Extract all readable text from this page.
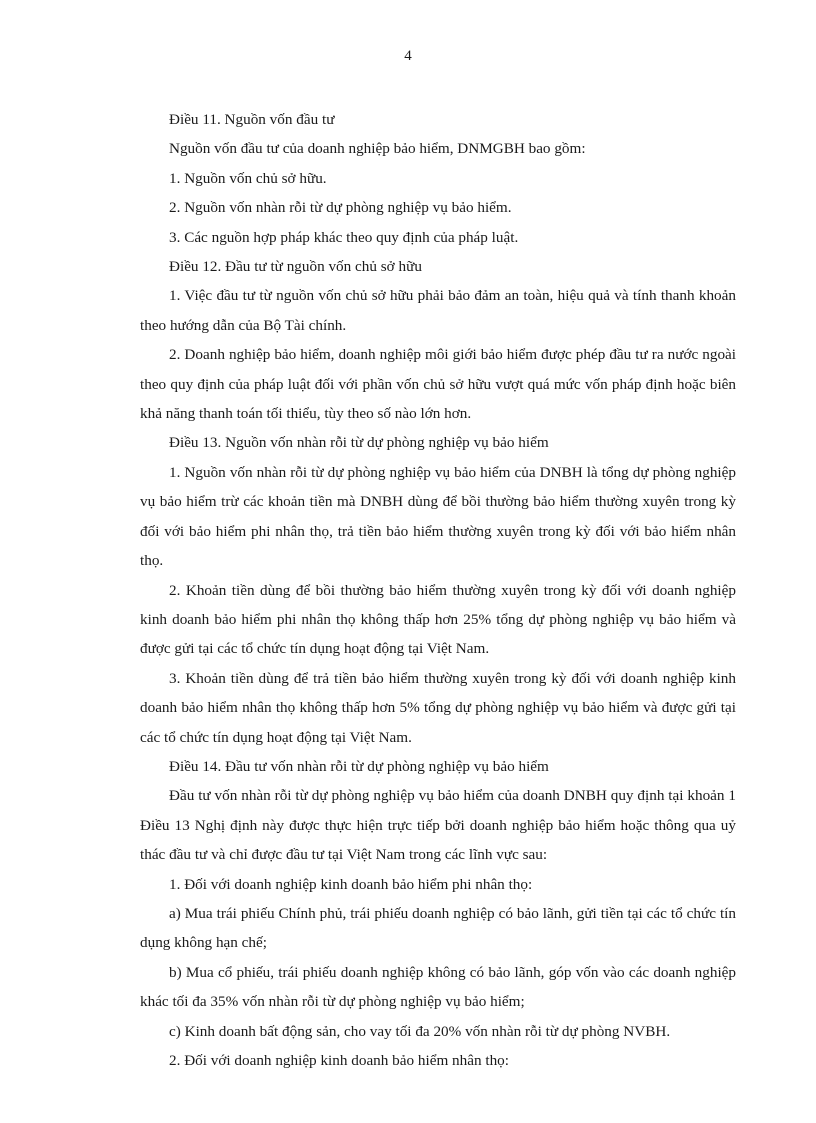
4

Điều 11. Nguồn vốn đầu tư

Nguồn vốn đầu tư của doanh nghiệp bảo hiểm, DNMGBH bao gồm:

1. Nguồn vốn chủ sở hữu.

2. Nguồn vốn nhàn rỗi từ dự phòng nghiệp vụ bảo hiểm.

3. Các nguồn hợp pháp khác theo quy định của pháp luật.

Điều 12. Đầu tư từ nguồn vốn chủ sở hữu

1. Việc đầu tư từ nguồn vốn chủ sở hữu phải bảo đảm an toàn, hiệu quả và tính thanh khoản theo hướng dẫn của Bộ Tài chính.

2. Doanh nghiệp bảo hiểm, doanh nghiệp môi giới bảo hiểm được phép đầu tư ra nước ngoài theo quy định của pháp luật đối với phần vốn chủ sở hữu vượt quá mức vốn pháp định hoặc biên khả năng thanh toán tối thiểu, tùy theo số nào lớn hơn.

Điều 13. Nguồn vốn nhàn rỗi từ dự phòng nghiệp vụ bảo hiểm

1. Nguồn vốn nhàn rỗi từ dự phòng nghiệp vụ bảo hiểm của DNBH là tổng dự phòng nghiệp vụ bảo hiểm trừ các khoản tiền mà DNBH dùng để bồi thường bảo hiểm thường xuyên trong kỳ đối với bảo hiểm phi nhân thọ, trả tiền bảo hiểm thường xuyên trong kỳ đối với bảo hiểm nhân thọ.

2. Khoản tiền dùng để bồi thường bảo hiểm thường xuyên trong kỳ đối với doanh nghiệp kinh doanh bảo hiểm phi nhân thọ không thấp hơn 25% tổng dự phòng nghiệp vụ bảo hiểm và được gửi tại các tổ chức tín dụng hoạt động tại Việt Nam.

3. Khoản tiền dùng để trả tiền bảo hiểm thường xuyên trong kỳ đối với doanh nghiệp kinh doanh bảo hiểm nhân thọ không thấp hơn 5% tổng dự phòng nghiệp vụ bảo hiểm và được gửi tại các tổ chức tín dụng hoạt động tại Việt Nam.

Điều 14. Đầu tư vốn nhàn rỗi từ dự phòng nghiệp vụ bảo hiểm

Đầu tư vốn nhàn rỗi từ dự phòng nghiệp vụ bảo hiểm của doanh DNBH quy định tại khoản 1 Điều 13 Nghị định này được thực hiện trực tiếp bởi doanh nghiệp bảo hiểm hoặc thông qua uỷ thác đầu tư và chỉ được đầu tư tại Việt Nam trong các lĩnh vực sau:

1. Đối với doanh nghiệp kinh doanh bảo hiểm phi nhân thọ:

a) Mua trái phiếu Chính phủ, trái phiếu doanh nghiệp có bảo lãnh, gửi tiền tại các tổ chức tín dụng không hạn chế;

b) Mua cổ phiếu, trái phiếu doanh nghiệp không có bảo lãnh, góp vốn vào các doanh nghiệp khác tối đa 35% vốn nhàn rỗi từ dự phòng nghiệp vụ bảo hiểm;

c) Kinh doanh bất động sản, cho vay tối đa 20% vốn nhàn rỗi từ dự phòng NVBH.

2. Đối với doanh nghiệp kinh doanh bảo hiểm nhân thọ:
